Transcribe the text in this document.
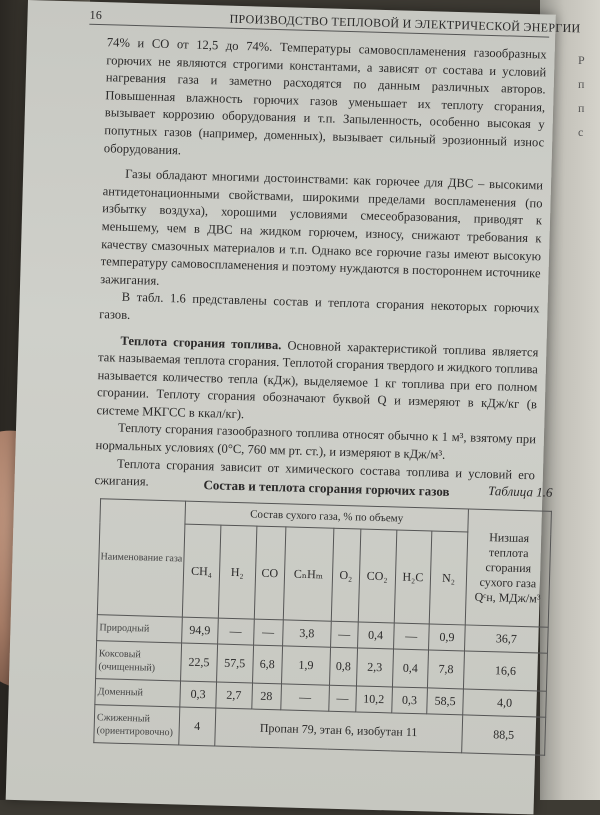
Р
п
п
с
16	ПРОИЗВОДСТВО ТЕПЛОВОЙ И ЭЛЕКТРИЧЕСКОЙ ЭНЕРГИИ

74% и СО от 12,5 до 74%. Температуры самовоспламенения газообразных горючих не являются строгими константами, а зависят от состава и условий нагревания газа и заметно расходятся по данным различных авторов. Повышенная влажность горючих газов уменьшает их теплоту сгорания, вызывает коррозию оборудования и т.п. Запыленность, особенно высокая у попутных газов (например, доменных), вызывает сильный эрозионный износ оборудования.

Газы обладают многими достоинствами: как горючее для ДВС – высокими антидетонационными свойствами, широкими пределами воспламенения (по избытку воздуха), хорошими условиями смесеобразования, приводят к меньшему, чем в ДВС на жидком горючем, износу, снижают требования к качеству смазочных материалов и т.п. Однако все горючие газы имеют высокую температуру самовоспламенения и поэтому нуждаются в постороннем источнике зажигания.

В табл. 1.6 представлены состав и теплота сгорания некоторых горючих газов.

Теплота сгорания топлива. Основной характеристикой топлива является так называемая теплота сгорания. Теплотой сгорания твердого и жидкого топлива называется количество тепла (кДж), выделяемое 1 кг топлива при его полном сгорании. Теплоту сгорания обозначают буквой Q и измеряют в кДж/кг (в системе МКГСС в ккал/кг).

Теплоту сгорания газообразного топлива относят обычно к 1 м³, взятому при нормальных условиях (0°C, 760 мм рт. ст.), и измеряют в кДж/м³.

Теплота сгорания зависит от химического состава топлива и условий его сжигания.

Таблица 1.6
Состав и теплота сгорания горючих газов
Наименование газа	Состав сухого газа, % по объему								Низшая
теплота
сгорания
сухого газа
Qᶜн, МДж/м³
	CH₄	H₂	CO	CₙHₘ	O₂	CO₂	H₂C	N₂	
Природный	94,9	—	—	3,8	—	0,4	—	0,9	36,7
Коксовый (очищенный)	22,5	57,5	6,8	1,9	0,8	2,3	0,4	7,8	16,6
Доменный	0,3	2,7	28	—	—	10,2	0,3	58,5	4,0
Сжиженный (ориентировочно)	4	Пропан 79, этан 6, изобутан 11							88,5
